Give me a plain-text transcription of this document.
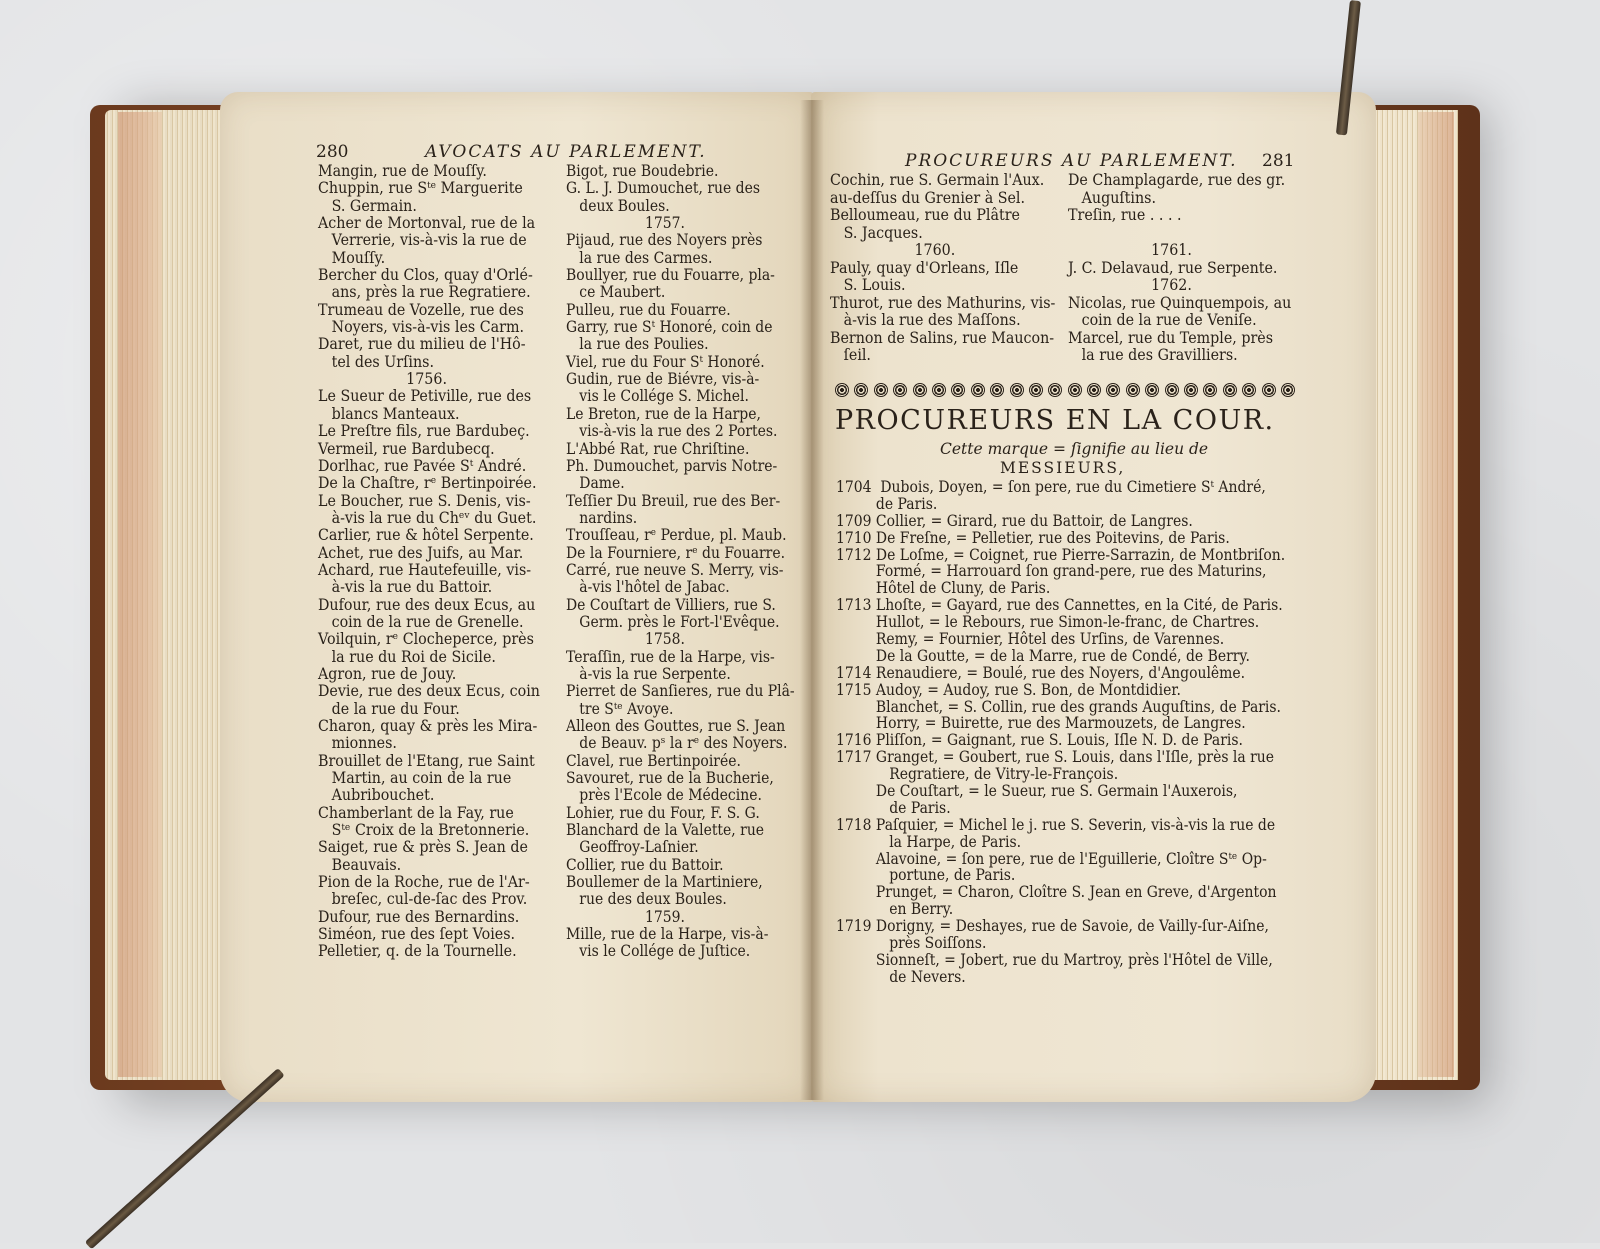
280	AVOCATS AU PARLEMENT.
Mangin, rue de Mouſſy.
Chuppin, rue Sᵗᵉ Marguerite
S. Germain.
Acher de Mortonval, rue de la
Verrerie, vis-à-vis la rue de
Mouſſy.
Bercher du Clos, quay d'Orlé-
ans, près la rue Regratiere.
Trumeau de Vozelle, rue des
Noyers, vis-à-vis les Carm.
Daret, rue du milieu de l'Hô-
tel des Urſins.
1756.
Le Sueur de Petiville, rue des
blancs Manteaux.
Le Preſtre fils, rue Bardubeç.
Vermeil, rue Bardubecq.
Dorlhac, rue Pavée Sᵗ André.
De la Chaſtre, rᵉ Bertinpoirée.
Le Boucher, rue S. Denis, vis-
à-vis la rue du Chᵉᵛ du Guet.
Carlier, rue & hôtel Serpente.
Achet, rue des Juifs, au Mar.
Achard, rue Hautefeuille, vis-
à-vis la rue du Battoir.
Dufour, rue des deux Ecus, au
coin de la rue de Grenelle.
Voilquin, rᵉ Clocheperce, près
la rue du Roi de Sicile.
Agron, rue de Jouy.
Devie, rue des deux Ecus, coin
de la rue du Four.
Charon, quay & près les Mira-
mionnes.
Brouillet de l'Etang, rue Saint
Martin, au coin de la rue
Aubribouchet.
Chamberlant de la Fay, rue
Sᵗᵉ Croix de la Bretonnerie.
Saiget, rue & près S. Jean de
Beauvais.
Pion de la Roche, rue de l'Ar-
breſec, cul-de-ſac des Prov.
Dufour, rue des Bernardins.
Siméon, rue des ſept Voies.
Pelletier, q. de la Tournelle.
Bigot, rue Boudebrie.
G. L. J. Dumouchet, rue des
deux Boules.
1757.
Pijaud, rue des Noyers près
la rue des Carmes.
Boullyer, rue du Fouarre, pla-
ce Maubert.
Pulleu, rue du Fouarre.
Garry, rue Sᵗ Honoré, coin de
la rue des Poulies.
Viel, rue du Four Sᵗ Honoré.
Gudin, rue de Biévre, vis-à-
vis le Collége S. Michel.
Le Breton, rue de la Harpe,
vis-à-vis la rue des 2 Portes.
L'Abbé Rat, rue Chriſtine.
Ph. Dumouchet, parvis Notre-
Dame.
Teſſier Du Breuil, rue des Ber-
nardins.
Trouſſeau, rᵉ Perdue, pl. Maub.
De la Fourniere, rᵉ du Fouarre.
Carré, rue neuve S. Merry, vis-
à-vis l'hôtel de Jabac.
De Couſtart de Villiers, rue S.
Germ. près le Fort-l'Evêque.
1758.
Teraſſin, rue de la Harpe, vis-
à-vis la rue Serpente.
Pierret de Sanſieres, rue du Plâ-
tre Sᵗᵉ Avoye.
Alleon des Gouttes, rue S. Jean
de Beauv. pˢ la rᵉ des Noyers.
Clavel, rue Bertinpoirée.
Savouret, rue de la Bucherie,
près l'Ecole de Médecine.
Lohier, rue du Four, F. S. G.
Blanchard de la Valette, rue
Geoffroy-Laſnier.
Collier, rue du Battoir.
Boullemer de la Martiniere,
rue des deux Boules.
1759.
Mille, rue de la Harpe, vis-à-
vis le Collége de Juſtice.
PROCUREURS AU PARLEMENT. 281
Cochin, rue S. Germain l'Aux.
au-deſſus du Grenier à Sel.
Belloumeau, rue du Plâtre
S. Jacques.
1760.
Pauly, quay d'Orleans, Iſle
S. Louis.
Thurot, rue des Mathurins, vis-
à-vis la rue des Maſſons.
Bernon de Salins, rue Maucon-
ſeil.
De Champlagarde, rue des gr.
Auguſtins.
Treſin, rue . . . .
1761.
J. C. Delavaud, rue Serpente.
1762.
Nicolas, rue Quinquempois, au
coin de la rue de Veniſe.
Marcel, rue du Temple, près
la rue des Gravilliers.
PROCUREURS EN LA COUR.
Cette marque = ſignifie au lieu de
MESSIEURS,
1704  Dubois, Doyen, = ſon pere, rue du Cimetiere Sᵗ André,
de Paris.
1709 Collier, = Girard, rue du Battoir, de Langres.
1710 De Freſne, = Pelletier, rue des Poitevins, de Paris.
1712 De Loſme, = Coignet, rue Pierre-Sarrazin, de Montbriſon.
Formé, = Harrouard ſon grand-pere, rue des Maturins,
Hôtel de Cluny, de Paris.
1713 Lhoſte, = Gayard, rue des Cannettes, en la Cité, de Paris.
Hullot, = le Rebours, rue Simon-le-franc, de Chartres.
Remy, = Fournier, Hôtel des Urſins, de Varennes.
De la Goutte, = de la Marre, rue de Condé, de Berry.
1714 Renaudiere, = Boulé, rue des Noyers, d'Angoulême.
1715 Audoy, = Audoy, rue S. Bon, de Montdidier.
Blanchet, = S. Collin, rue des grands Auguſtins, de Paris.
Horry, = Buirette, rue des Marmouzets, de Langres.
1716 Pliſſon, = Gaignant, rue S. Louis, Iſle N. D. de Paris.
1717 Granget, = Goubert, rue S. Louis, dans l'Iſle, près la rue
Regratiere, de Vitry-le-François.
De Couſtart, = le Sueur, rue S. Germain l'Auxerois,
de Paris.
1718 Paſquier, = Michel le j. rue S. Severin, vis-à-vis la rue de
la Harpe, de Paris.
Alavoine, = ſon pere, rue de l'Eguillerie, Cloître Sᵗᵉ Op-
portune, de Paris.
Prunget, = Charon, Cloître S. Jean en Greve, d'Argenton
en Berry.
1719 Dorigny, = Deshayes, rue de Savoie, de Vailly-ſur-Aiſne,
près Soiſſons.
Sionneſt, = Jobert, rue du Martroy, près l'Hôtel de Ville,
de Nevers.
